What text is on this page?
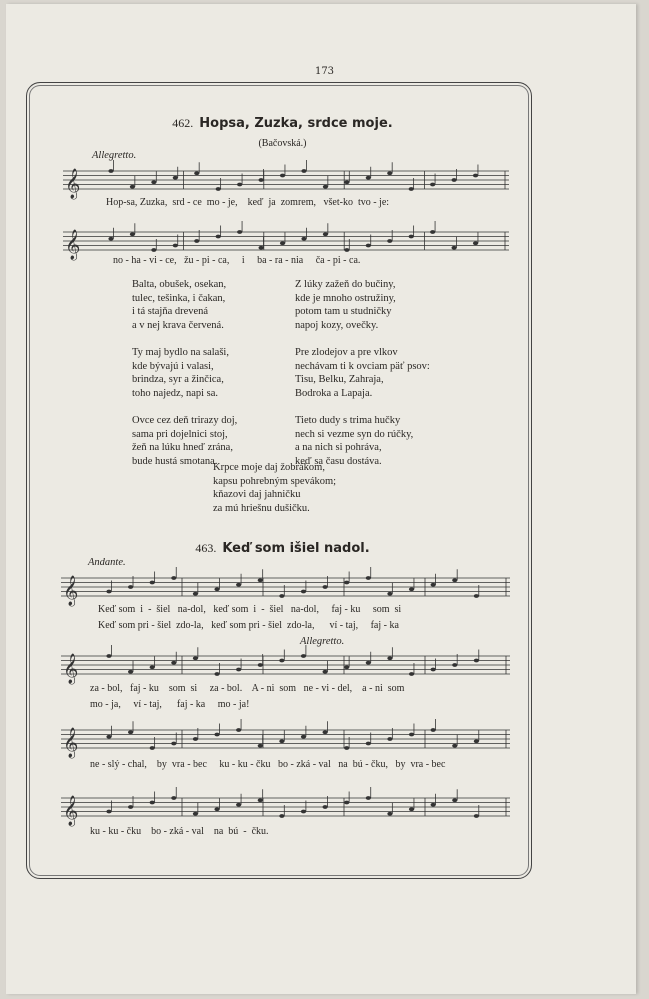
173
462. Hopsa, Zuzka, srdce moje.
(Bačovská.)
Allegretto.
𝄞
Hop-sa, Zuzka,  srd - ce  mo - je,    keď  ja  zomrem,   všet-ko  tvo - je:
𝄞
no - ha - vi - ce,   žu - pi - ca,     i     ba - ra - nia     ča - pi - ca.
Balta, obušek, osekan,
tulec, tešinka, i čakan,
i tá stajňa drevená
a v nej krava červená.
Ty maj bydlo na salaši,
kde bývajú i valasi,
brindza, syr a žinčica,
toho najedz, napi sa.
Ovce cez deň trirazy doj,
sama pri dojelnici stoj,
žeň na lúku hneď zrána,
bude hustá smotana.
Z lúky zažeň do bučiny,
kde je mnoho ostružiny,
potom tam u studničky
napoj kozy, ovečky.
Pre zlodejov a pre vlkov
nechávam ti k ovciam päť psov:
Tisu, Belku, Zahraja,
Bodroka a Lapaja.
Tieto dudy s trima hučky
nech si vezme syn do rúčky,
a na nich si pohráva,
keď sa času dostáva.
Krpce moje daj žobrákom,
kapsu pohrebným spevákom;
kňazovi daj jahničku
za mú hriešnu dušičku.
463. Keď som išiel nadol.
Andante.
𝄞
Keď som  i  -  šiel   na-dol,   keď som  i  -  šiel   na-dol,     faj - ku     som  si
Keď som pri - šiel  zdo-la,   keď som pri - šiel  zdo-la,      ví - taj,     faj - ka
Allegretto.
𝄞
za - bol,   faj - ku    som  si     za - bol.    A - ni  som   ne - vi - del,    a - ni  som
mo - ja,     ví - taj,      faj - ka     mo - ja!
𝄞
ne - slý - chal,    by  vra - bec     ku - ku - čku   bo - zká - val   na  bú - čku,   by  vra - bec
𝄞
ku - ku - čku    bo - zká - val    na  bú  -  čku.
